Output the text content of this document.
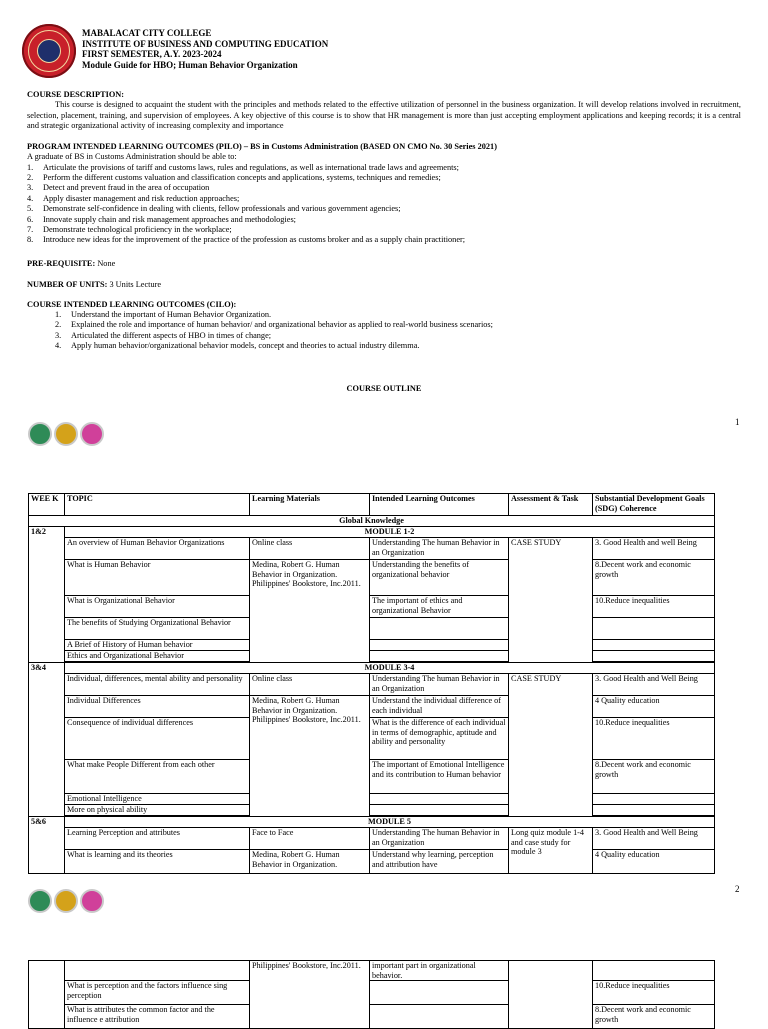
MABALACAT CITY COLLEGE
INSTITUTE OF BUSINESS AND COMPUTING EDUCATION
FIRST SEMESTER, A.Y. 2023-2024
Module Guide for HBO; Human Behavior Organization
COURSE DESCRIPTION:
This course is designed to acquaint the student with the principles and methods related to the effective utilization of personnel in the business organization. It will develop relations involved in recruitment, selection, placement, training, and supervision of employees. A key objective of this course is to show that HR management is more than just accepting employment applications and keeping records; it is a central and strategic organizational activity of increasing complexity and importance
PROGRAM INTENDED LEARNING OUTCOMES (PILO) – BS in Customs Administration (BASED ON CMO No. 30 Series 2021)
A graduate of BS in Customs Administration should be able to:
1. Articulate the provisions of tariff and customs laws, rules and regulations, as well as international trade laws and agreements;
2. Perform the different customs valuation and classification concepts and applications, systems, techniques and remedies;
3. Detect and prevent fraud in the area of occupation
4. Apply disaster management and risk reduction approaches;
5. Demonstrate self-confidence in dealing with clients, fellow professionals and various government agencies;
6. Innovate supply chain and risk management approaches and methodologies;
7. Demonstrate technological proficiency in the workplace;
8. Introduce new ideas for the improvement of the practice of the profession as customs broker and as a supply chain practitioner;
PRE-REQUISITE: None
NUMBER OF UNITS: 3 Units Lecture
COURSE INTENDED LEARNING OUTCOMES (CILO):
1. Understand the important of Human Behavior Organization.
2. Explained the role and importance of human behavior/ and organizational behavior as applied to real-world business scenarios;
3. Articulated the different aspects of HBO in times of change;
4. Apply human behavior/organizational behavior models, concept and theories to actual industry dilemma.
COURSE OUTLINE
1
WEE K	TOPIC	Learning Materials	Intended Learning Outcomes	Assessment & Task	Substantial Development Goals (SDG) Coherence
Global Knowledge					
1&2	MODULE 1-2				
	An overview of Human Behavior Organizations	Online class	Understanding The human Behavior in an Organization	CASE STUDY	3. Good Health and well Being
	What is Human Behavior	Medina, Robert G. Human Behavior in Organization. Philippines' Bookstore, Inc.2011.	Understanding the benefits of organizational behavior		8.Decent work and economic growth
	What is Organizational Behavior		The important of ethics and organizational Behavior		10.Reduce inequalities
	The benefits of Studying Organizational Behavior				
	A Brief of History of Human behavior				
	Ethics and Organizational Behavior				

3&4	MODULE 3-4				
	Individual, differences, mental ability and personality	Online class	Understanding The human Behavior in an Organization	CASE STUDY	3. Good Health and Well Being
	Individual Differences	Medina, Robert G. Human Behavior in Organization. Philippines' Bookstore, Inc.2011.	Understand the individual difference of each individual		4 Quality education
	Consequence of individual differences		What is the difference of each individual in terms of demographic, aptitude and ability and personality		10.Reduce inequalities
	What make People Different from each other		The important of Emotional Intelligence and its contribution to Human behavior		8.Decent work and economic growth
	Emotional Intelligence				
	More on physical ability				

5&6	MODULE 5				
	Learning Perception and attributes	Face to Face	Understanding The human Behavior in an Organization	Long quiz module 1-4 and case study for module 3	3. Good Health and Well Being
	What is learning and its theories	Medina, Robert G. Human Behavior in Organization.	Understand why learning, perception and attribution have		4 Quality education
2
		Philippines' Bookstore, Inc.2011.	important part in organizational behavior.		
	What is perception and the factors influence sing perception				10.Reduce inequalities
	What is attributes the common factor and the influence e attribution				8.Decent work and economic growth
